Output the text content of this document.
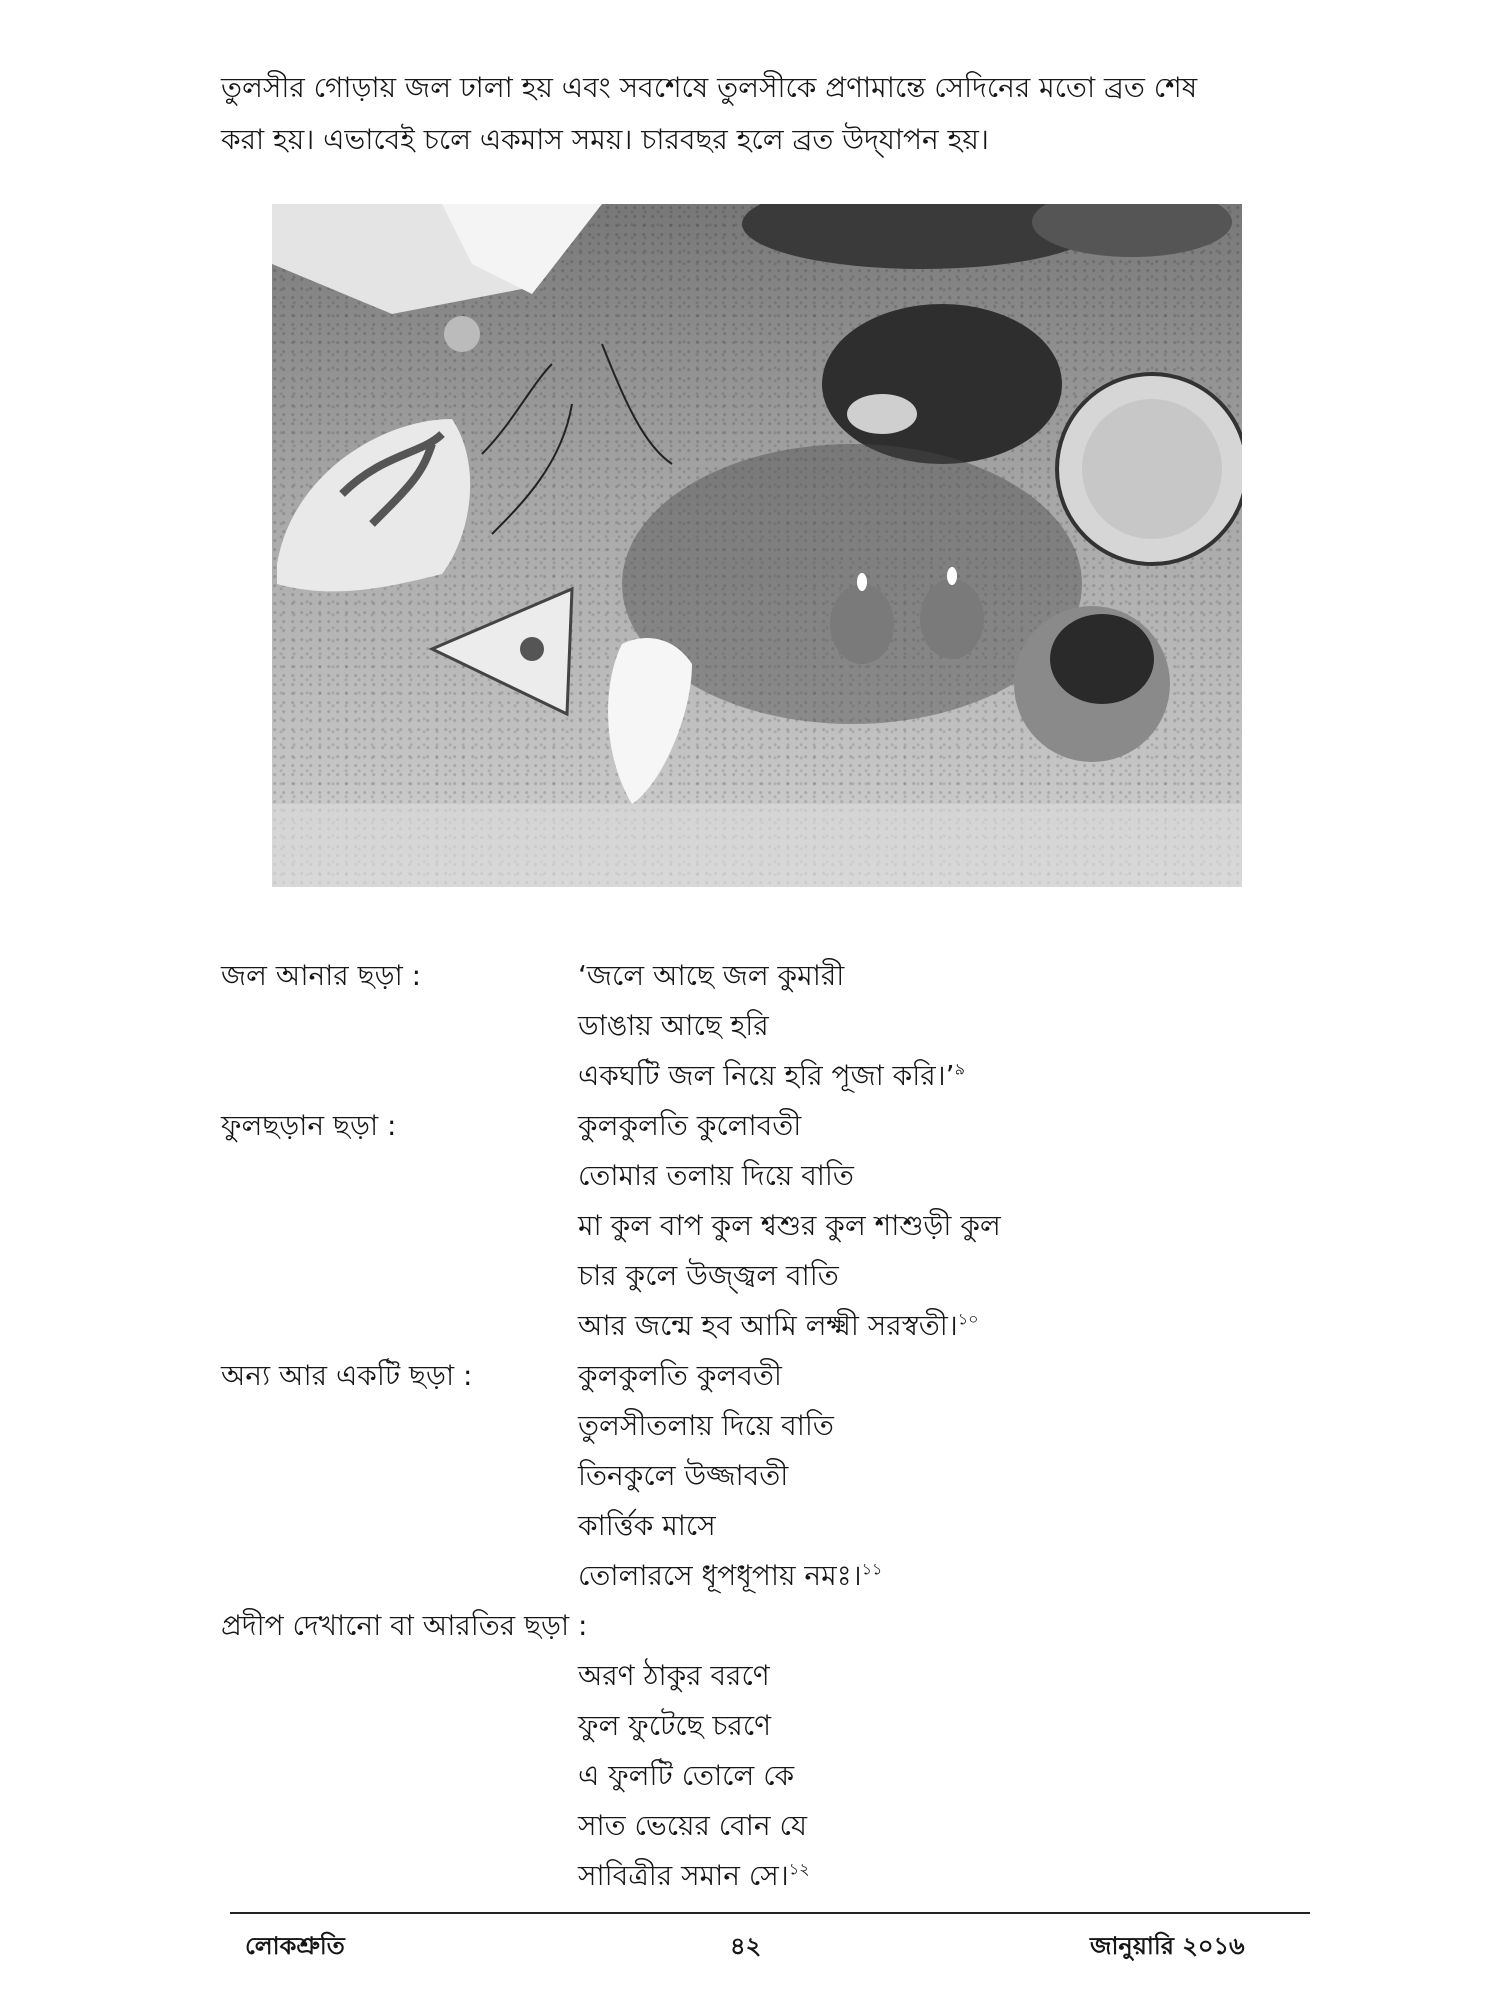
তুলসীর গোড়ায় জল ঢালা হয় এবং সবশেষে তুলসীকে প্রণামান্তে সেদিনের মতো ব্রত শেষ

করা হয়। এভাবেই চলে একমাস সময়। চারবছর হলে ব্রত উদ্‌যাপন হয়।

জল আনার ছড়া :	‘জলে আছে জল কুমারী
ডাঙায় আছে হরি
একঘটি জল নিয়ে হরি পূজা করি।’$^৯$
ফুলছড়ান ছড়া :	কুলকুলতি কুলোবতী
তোমার তলায় দিয়ে বাতি
মা কুল বাপ কুল শ্বশুর কুল শাশুড়ী কুল
চার কুলে উজ্জ্বল বাতি
আর জন্মে হব আমি লক্ষ্মী সরস্বতী।$^{১০}$
অন্য আর একটি ছড়া :	কুলকুলতি কুলবতী
তুলসীতলায় দিয়ে বাতি
তিনকুলে উজ্জাবতী
কার্ত্তিক মাসে
তোলারসে ধূপধূপায় নমঃ।$^{১১}$
প্রদীপ দেখানো বা আরতির ছড়া :
অরণ ঠাকুর বরণে
ফুল ফুটেছে চরণে
এ ফুলটি তোলে কে
সাত ভেয়ের বোন যে
সাবিত্রীর সমান সে।$^{১২}$
লোকশ্রুতি	৪২	জানুয়ারি ২০১৬
